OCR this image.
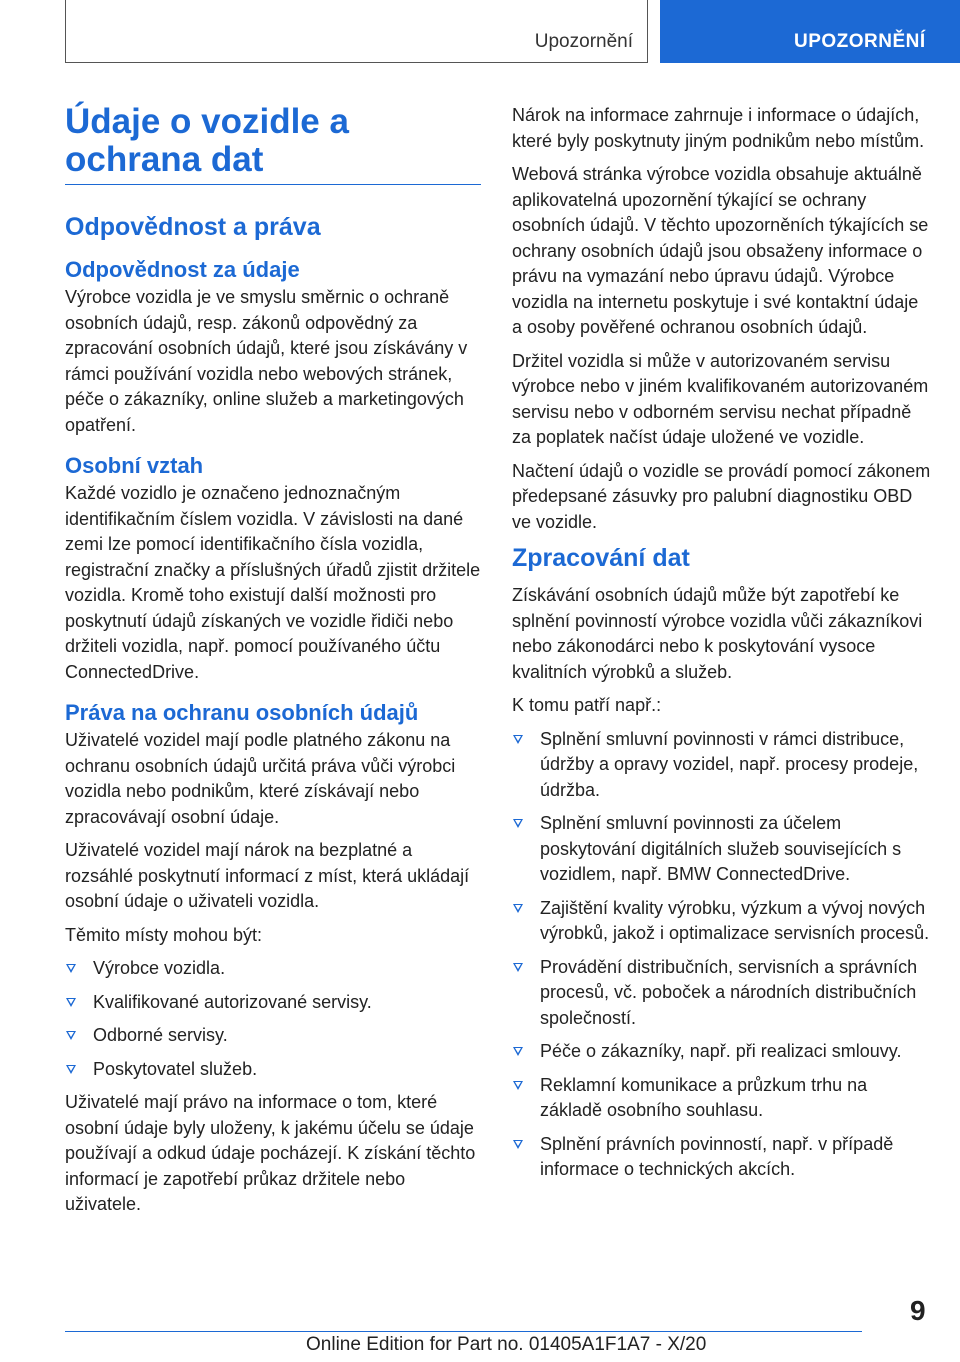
Upozornění	UPOZORNĚNÍ
Údaje o vozidle a ochrana dat
Odpovědnost a práva
Odpovědnost za údaje

Výrobce vozidla je ve smyslu směrnic o ochraně osobních údajů, resp. zákonů odpovědný za zpracování osobních údajů, které jsou získávány v rámci používání vozidla nebo webových stránek, péče o zákazníky, online služeb a marketingových opatření.

Osobní vztah

Každé vozidlo je označeno jednoznačným identifikačním číslem vozidla. V závislosti na dané zemi lze pomocí identifikačního čísla vozidla, registrační značky a příslušných úřadů zjistit držitele vozidla. Kromě toho existují další možnosti pro poskytnutí údajů získaných ve vozidle řidiči nebo držiteli vozidla, např. pomocí používaného účtu ConnectedDrive.

Práva na ochranu osobních údajů

Uživatelé vozidel mají podle platného zákonu na ochranu osobních údajů určitá práva vůči výrobci vozidla nebo podnikům, které získávají nebo zpracovávají osobní údaje.

Uživatelé vozidel mají nárok na bezplatné a rozsáhlé poskytnutí informací z míst, která ukládají osobní údaje o uživateli vozidla.

Těmito místy mohou být:

Výrobce vozidla.
Kvalifikované autorizované servisy.
Odborné servisy.
Poskytovatel služeb.

Uživatelé mají právo na informace o tom, které osobní údaje byly uloženy, k jakému účelu se údaje používají a odkud údaje pocházejí. K získání těchto informací je zapotřebí průkaz držitele nebo uživatele.

Nárok na informace zahrnuje i informace o údajích, které byly poskytnuty jiným podnikům nebo místům.

Webová stránka výrobce vozidla obsahuje aktuálně aplikovatelná upozornění týkající se ochrany osobních údajů. V těchto upozorněních týkajících se ochrany osobních údajů jsou obsaženy informace o právu na vymazání nebo úpravu údajů. Výrobce vozidla na internetu poskytuje i své kontaktní údaje a osoby pověřené ochranou osobních údajů.

Držitel vozidla si může v autorizovaném servisu výrobce nebo v jiném kvalifikovaném autorizovaném servisu nebo v odborném servisu nechat případně za poplatek načíst údaje uložené ve vozidle.

Načtení údajů o vozidle se provádí pomocí zákonem předepsané zásuvky pro palubní diagnostiku OBD ve vozidle.

Zpracování dat

Získávání osobních údajů může být zapotřebí ke splnění povinností výrobce vozidla vůči zákazníkovi nebo zákonodárci nebo k poskytování vysoce kvalitních výrobků a služeb.

K tomu patří např.:

Splnění smluvní povinnosti v rámci distribuce, údržby a opravy vozidel, např. procesy prodeje, údržba.
Splnění smluvní povinnosti za účelem poskytování digitálních služeb souvisejících s vozidlem, např. BMW ConnectedDrive.
Zajištění kvality výrobku, výzkum a vývoj nových výrobků, jakož i optimalizace servisních procesů.
Provádění distribučních, servisních a správních procesů, vč. poboček a národních distribučních společností.
Péče o zákazníky, např. při realizaci smlouvy.
Reklamní komunikace a průzkum trhu na základě osobního souhlasu.
Splnění právních povinností, např. v případě informace o technických akcích.
9
Online Edition for Part no. 01405A1F1A7 - X/20
